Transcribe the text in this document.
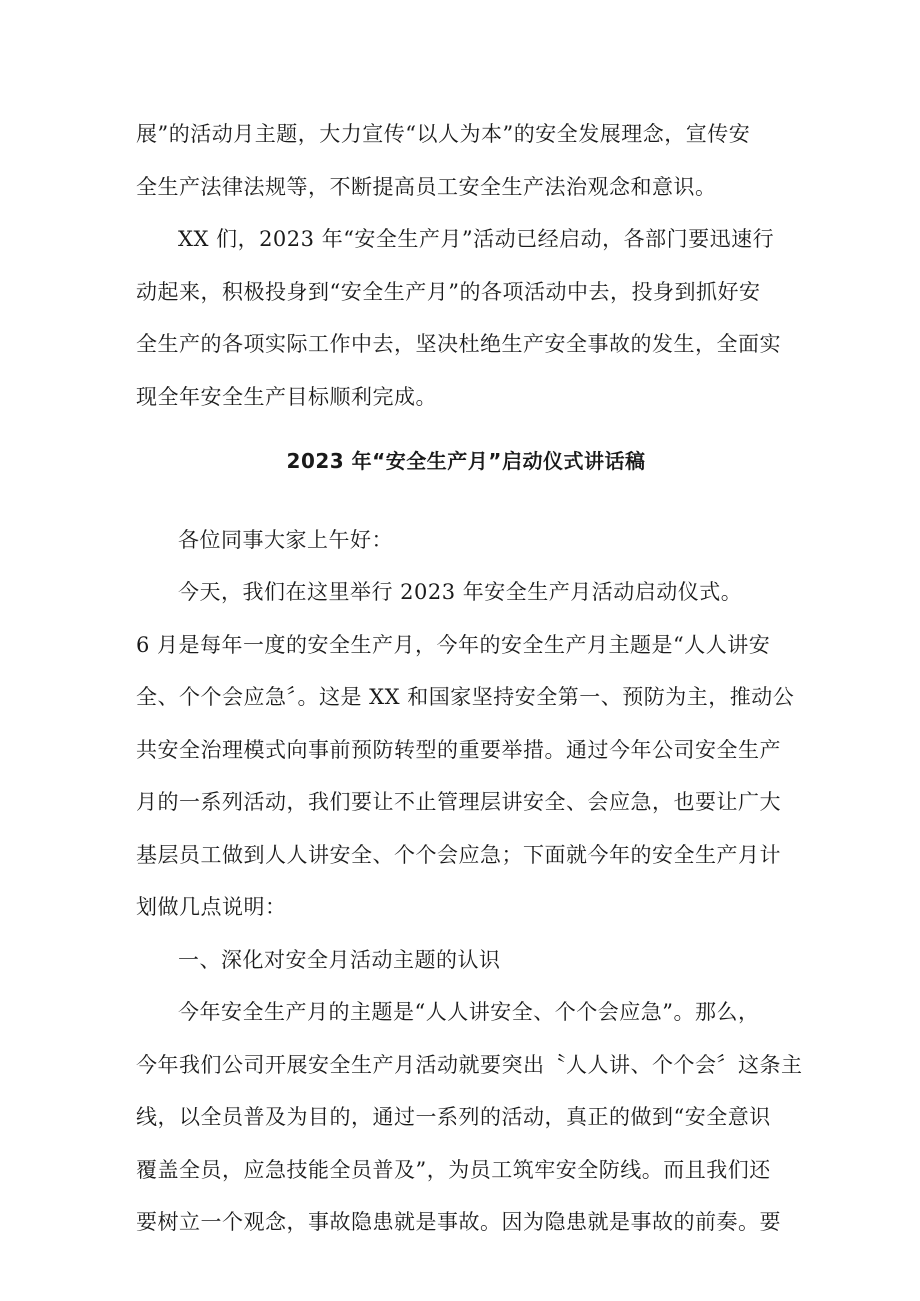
展”的活动月主题，大力宣传“以人为本”的安全发展理念，宣传安
全生产法律法规等，不断提高员工安全生产法治观念和意识。
XX 们，2023 年“安全生产月”活动已经启动，各部门要迅速行
动起来，积极投身到“安全生产月”的各项活动中去，投身到抓好安
全生产的各项实际工作中去，坚决杜绝生产安全事故的发生，全面实
现全年安全生产目标顺利完成。
2023 年“安全生产月”启动仪式讲话稿
各位同事大家上午好：
今天，我们在这里举行 2023 年安全生产月活动启动仪式。
6 月是每年一度的安全生产月，今年的安全生产月主题是“人人讲安
全、个个会应急〞。这是 XX 和国家坚持安全第一、预防为主，推动公
共安全治理模式向事前预防转型的重要举措。通过今年公司安全生产
月的一系列活动，我们要让不止管理层讲安全、会应急，也要让广大
基层员工做到人人讲安全、个个会应急；下面就今年的安全生产月计
划做几点说明：
一、深化对安全月活动主题的认识
今年安全生产月的主题是“人人讲安全、个个会应急”。那么，
今年我们公司开展安全生产月活动就要突出〝人人讲、个个会〞这条主
线，以全员普及为目的，通过一系列的活动，真正的做到“安全意识
覆盖全员，应急技能全员普及”，为员工筑牢安全防线。而且我们还
要树立一个观念，事故隐患就是事故。因为隐患就是事故的前奏。要
